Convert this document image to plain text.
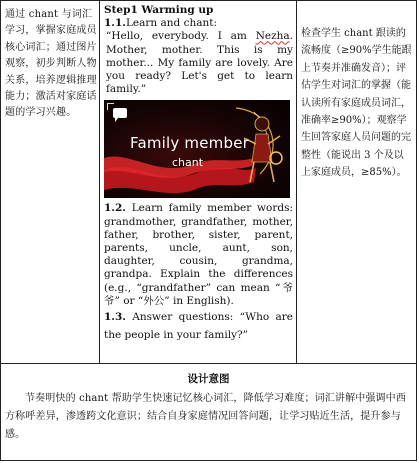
通过 chant 与词汇学习，掌握家庭成员核心词汇；通过图片观察，初步判断人物关系，培养逻辑推理能力；激活对家庭话题的学习兴趣。
Step1 Warming up
1.1.Learn and chant:
“Hello, everybody. I am Nezha. Mother, mother. This is my mother... My family are lovely. Are you ready? Let's get to learn family.”
Family member
chant
1.2. Learn family member words: grandmother, grandfather, mother, father, brother, sister, parent, parents, uncle, aunt, son, daughter, cousin, grandma, grandpa. Explain the differences (e.g., “grandfather” can mean “爷爷” or “外公” in English).
1.3. Answer questions: “Who are the people in your family?”
检查学生 chant 跟读的流畅度（≥90%学生能跟上节奏并准确发音）；评估学生对词汇的掌握（能认读所有家庭成员词汇，准确率≥90%）；观察学生回答家庭人员问题的完整性（能说出 3 个及以上家庭成员，≥85%）。
设计意图
节奏明快的 chant 帮助学生快速记忆核心词汇，降低学习难度；词汇讲解中强调中西方称呼差异，渗透跨文化意识；结合自身家庭情况回答问题，让学习贴近生活，提升参与感。
